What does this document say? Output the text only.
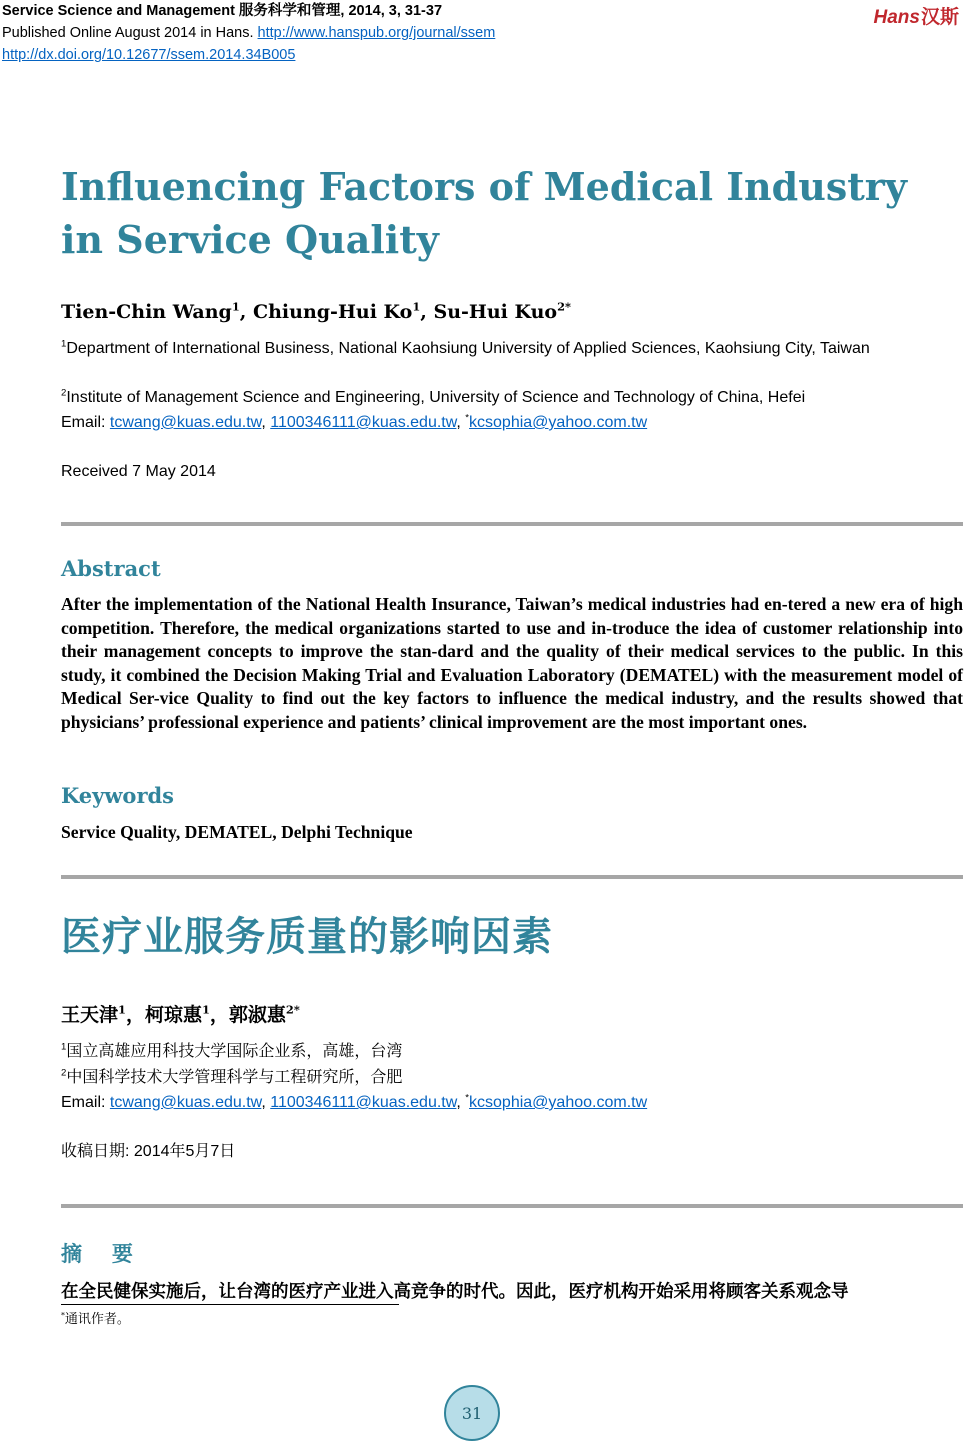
Service Science and Management 服务科学和管理, 2014, 3, 31-37
Published Online August 2014 in Hans. http://www.hanspub.org/journal/ssem
http://dx.doi.org/10.12677/ssem.2014.34B005
Hans汉斯
Influencing Factors of Medical Industry in Service Quality
Tien-Chin Wang$^1$, Chiung-Hui Ko$^1$, Su-Hui Kuo$^{2*}$
$^1$Department of International Business, National Kaohsiung University of Applied Sciences, Kaohsiung City, Taiwan
$^2$Institute of Management Science and Engineering, University of Science and Technology of China, Hefei
Email: tcwang@kuas.edu.tw, 1100346111@kuas.edu.tw, *kcsophia@yahoo.com.tw
Received 7 May 2014
Abstract
After the implementation of the National Health Insurance, Taiwan’s medical industries had en-tered a new era of high competition. Therefore, the medical organizations started to use and in-troduce the idea of customer relationship into their management concepts to improve the stan-dard and the quality of their medical services to the public. In this study, it combined the Decision Making Trial and Evaluation Laboratory (DEMATEL) with the measurement model of Medical Ser-vice Quality to find out the key factors to influence the medical industry, and the results showed that physicians’ professional experience and patients’ clinical improvement are the most important ones.
Keywords
Service Quality, DEMATEL, Delphi Technique
医疗业服务质量的影响因素
王天津$^1$，柯琼惠$^1$，郭淑惠$^{2*}$
$^1$国立高雄应用科技大学国际企业系，高雄，台湾
$^2$中国科学技术大学管理科学与工程研究所，合肥
Email: tcwang@kuas.edu.tw, 1100346111@kuas.edu.tw, *kcsophia@yahoo.com.tw
收稿日期: 2014年5月7日
摘 要
在全民健保实施后，让台湾的医疗产业进入高竞争的时代。因此，医疗机构开始采用将顾客关系观念导
*通讯作者。
31
